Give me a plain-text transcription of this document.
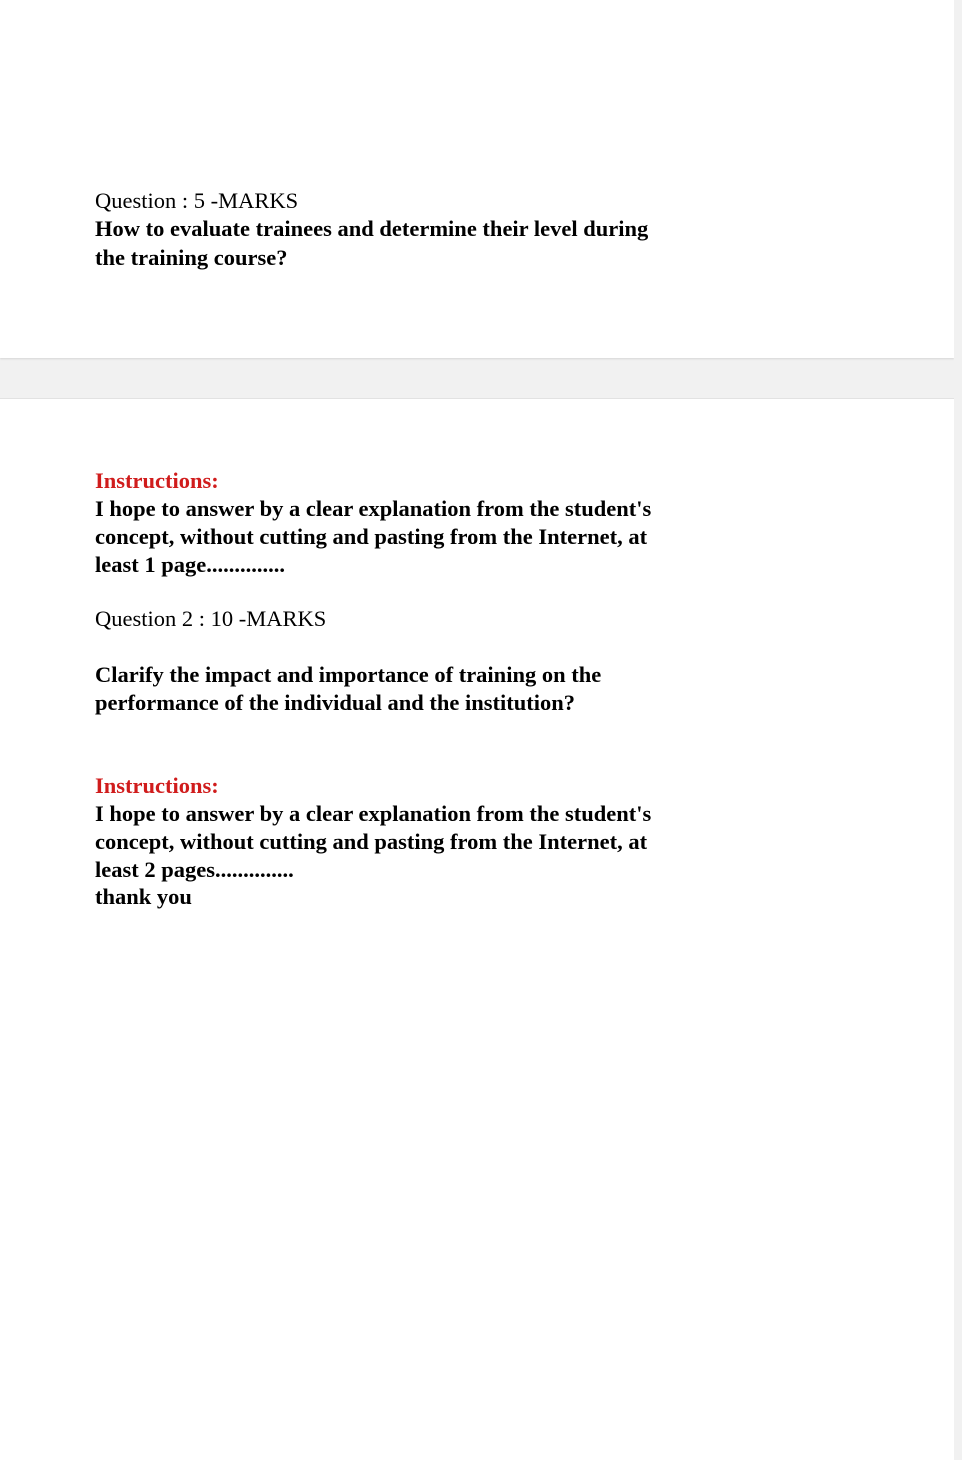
Question : 5 -MARKS

How to evaluate trainees and determine their level during

the training course?

Instructions:

I hope to answer by a clear explanation from the student's

concept, without cutting and pasting from the Internet, at

least 1 page..............

Question 2 : 10 -MARKS

Clarify the impact and importance of training on the

performance of the individual and the institution?

Instructions:

I hope to answer by a clear explanation from the student's

concept, without cutting and pasting from the Internet, at

least 2 pages..............

thank you
